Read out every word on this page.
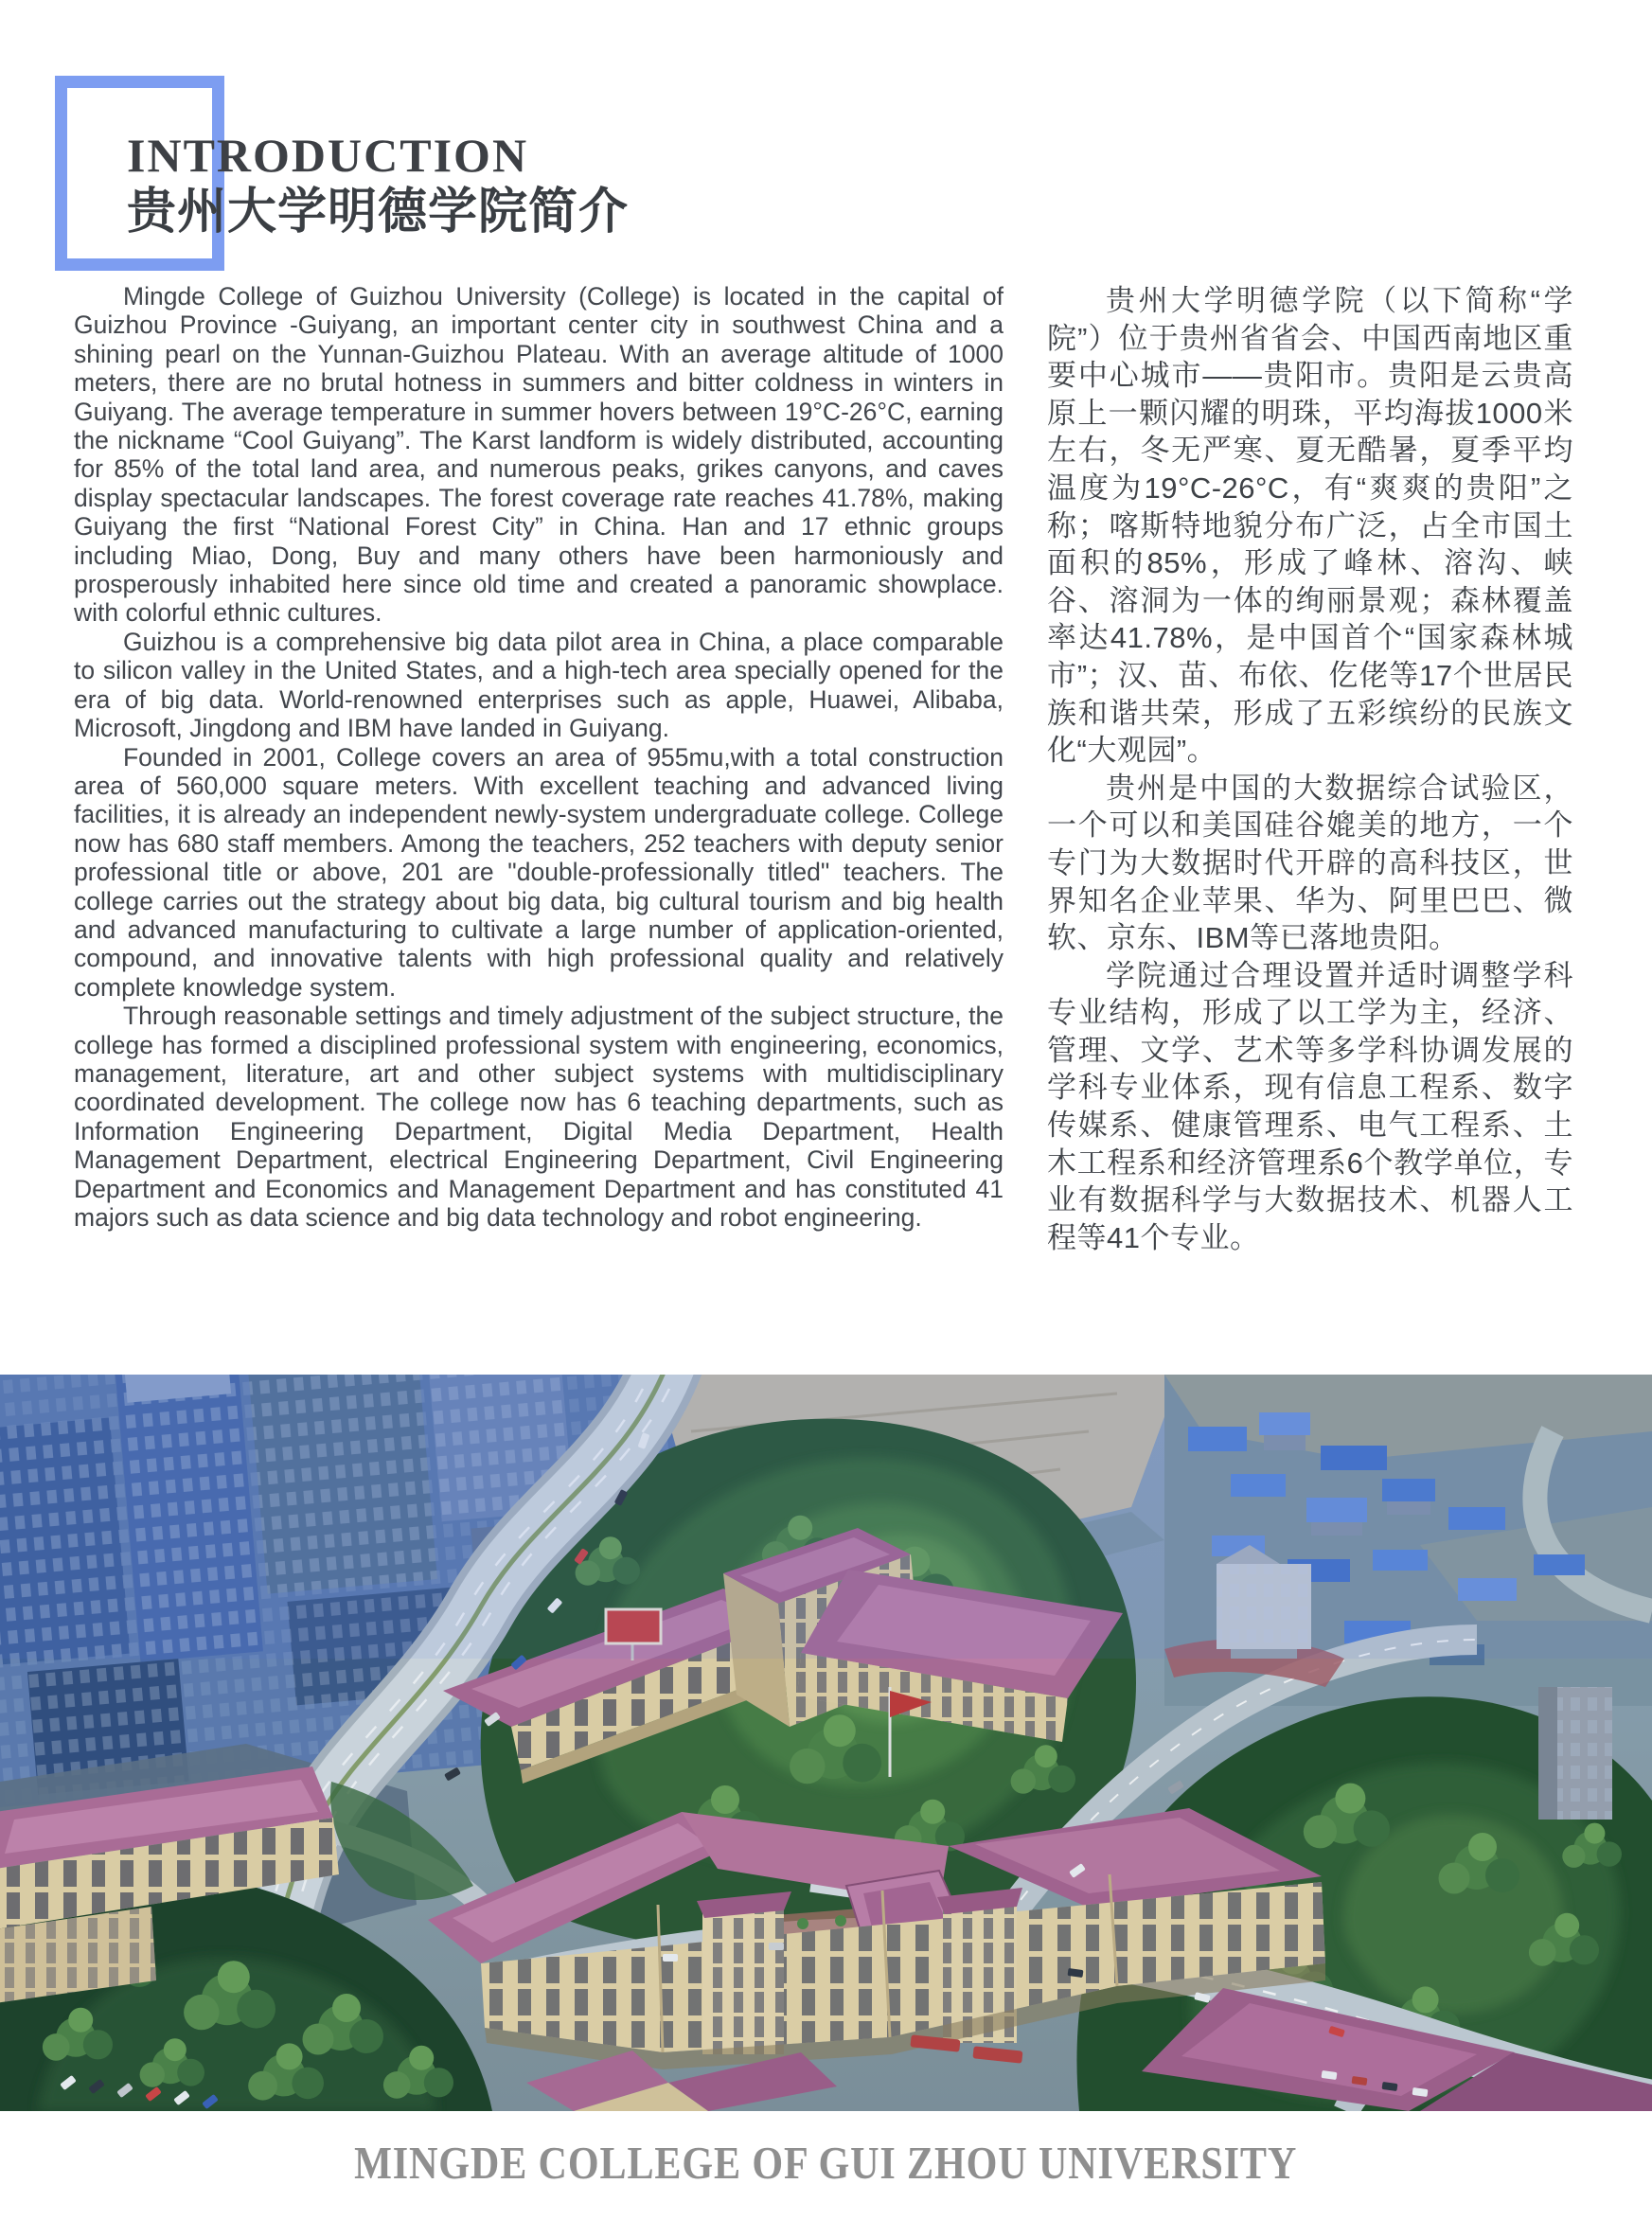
INTRODUCTION
贵州大学明德学院简介

Mingde College of Guizhou University (College) is located in the capital of Guizhou Province -Guiyang, an important center city in southwest China and a shining pearl on the Yunnan-Guizhou Plateau. With an average altitude of 1000 meters, there are no brutal hotness in summers and bitter coldness in winters in Guiyang. The average temperature in summer hovers between 19°C-26°C, earning the nickname “Cool Guiyang”. The Karst landform is widely distributed, accounting for 85% of the total land area, and numerous peaks, grikes canyons, and caves display spectacular landscapes. The forest coverage rate reaches 41.78%, making Guiyang the first “National Forest City” in China. Han and 17 ethnic groups including Miao, Dong, Buy and many others have been harmoniously and prosperously inhabited here since old time and created a panoramic showplace. with colorful ethnic cultures.

Guizhou is a comprehensive big data pilot area in China, a place comparable to silicon valley in the United States, and a high-tech area specially opened for the era of big data. World-renowned enterprises such as apple, Huawei, Alibaba, Microsoft, Jingdong and IBM have landed in Guiyang.

Founded in 2001, College covers an area of 955mu,with a total construction area of 560,000 square meters. With excellent teaching and advanced living facilities, it is already an independent newly-system undergraduate college. College now has 680 staff members. Among the teachers, 252 teachers with deputy senior professional title or above, 201 are "double-professionally titled" teachers. The college carries out the strategy about big data, big cultural tourism and big health and advanced manufacturing to cultivate a large number of application-oriented, compound, and innovative talents with high professional quality and relatively complete knowledge system.

Through reasonable settings and timely adjustment of the subject structure, the college has formed a disciplined professional system with engineering, economics, management, literature, art and other subject systems with multidisciplinary coordinated development. The college now has 6 teaching departments, such as Information Engineering Department, Digital Media Department, Health Management Department, electrical Engineering Department, Civil Engineering Department and Economics and Management Department and has constituted 41 majors such as data science and big data technology and robot engineering.

贵州大学明德学院（以下简称“学院”）位于贵州省省会、中国西南地区重要中心城市——贵阳市。贵阳是云贵高原上一颗闪耀的明珠，平均海拔1000米左右，冬无严寒、夏无酷暑，夏季平均温度为19°C-26°C，有“爽爽的贵阳”之称；喀斯特地貌分布广泛，占全市国土面积的85%，形成了峰林、溶沟、峡谷、溶洞为一体的绚丽景观；森林覆盖率达41.78%，是中国首个“国家森林城市”；汉、苗、布依、仡佬等17个世居民族和谐共荣，形成了五彩缤纷的民族文化“大观园”。

贵州是中国的大数据综合试验区，一个可以和美国硅谷媲美的地方，一个专门为大数据时代开辟的高科技区，世界知名企业苹果、华为、阿里巴巴、微软、京东、IBM等已落地贵阳。

学院通过合理设置并适时调整学科专业结构，形成了以工学为主，经济、管理、文学、艺术等多学科协调发展的学科专业体系，现有信息工程系、数字传媒系、健康管理系、电气工程系、土木工程系和经济管理系6个教学单位，专业有数据科学与大数据技术、机器人工程等41个专业。

MINGDE COLLEGE OF GUI ZHOU UNIVERSITY
